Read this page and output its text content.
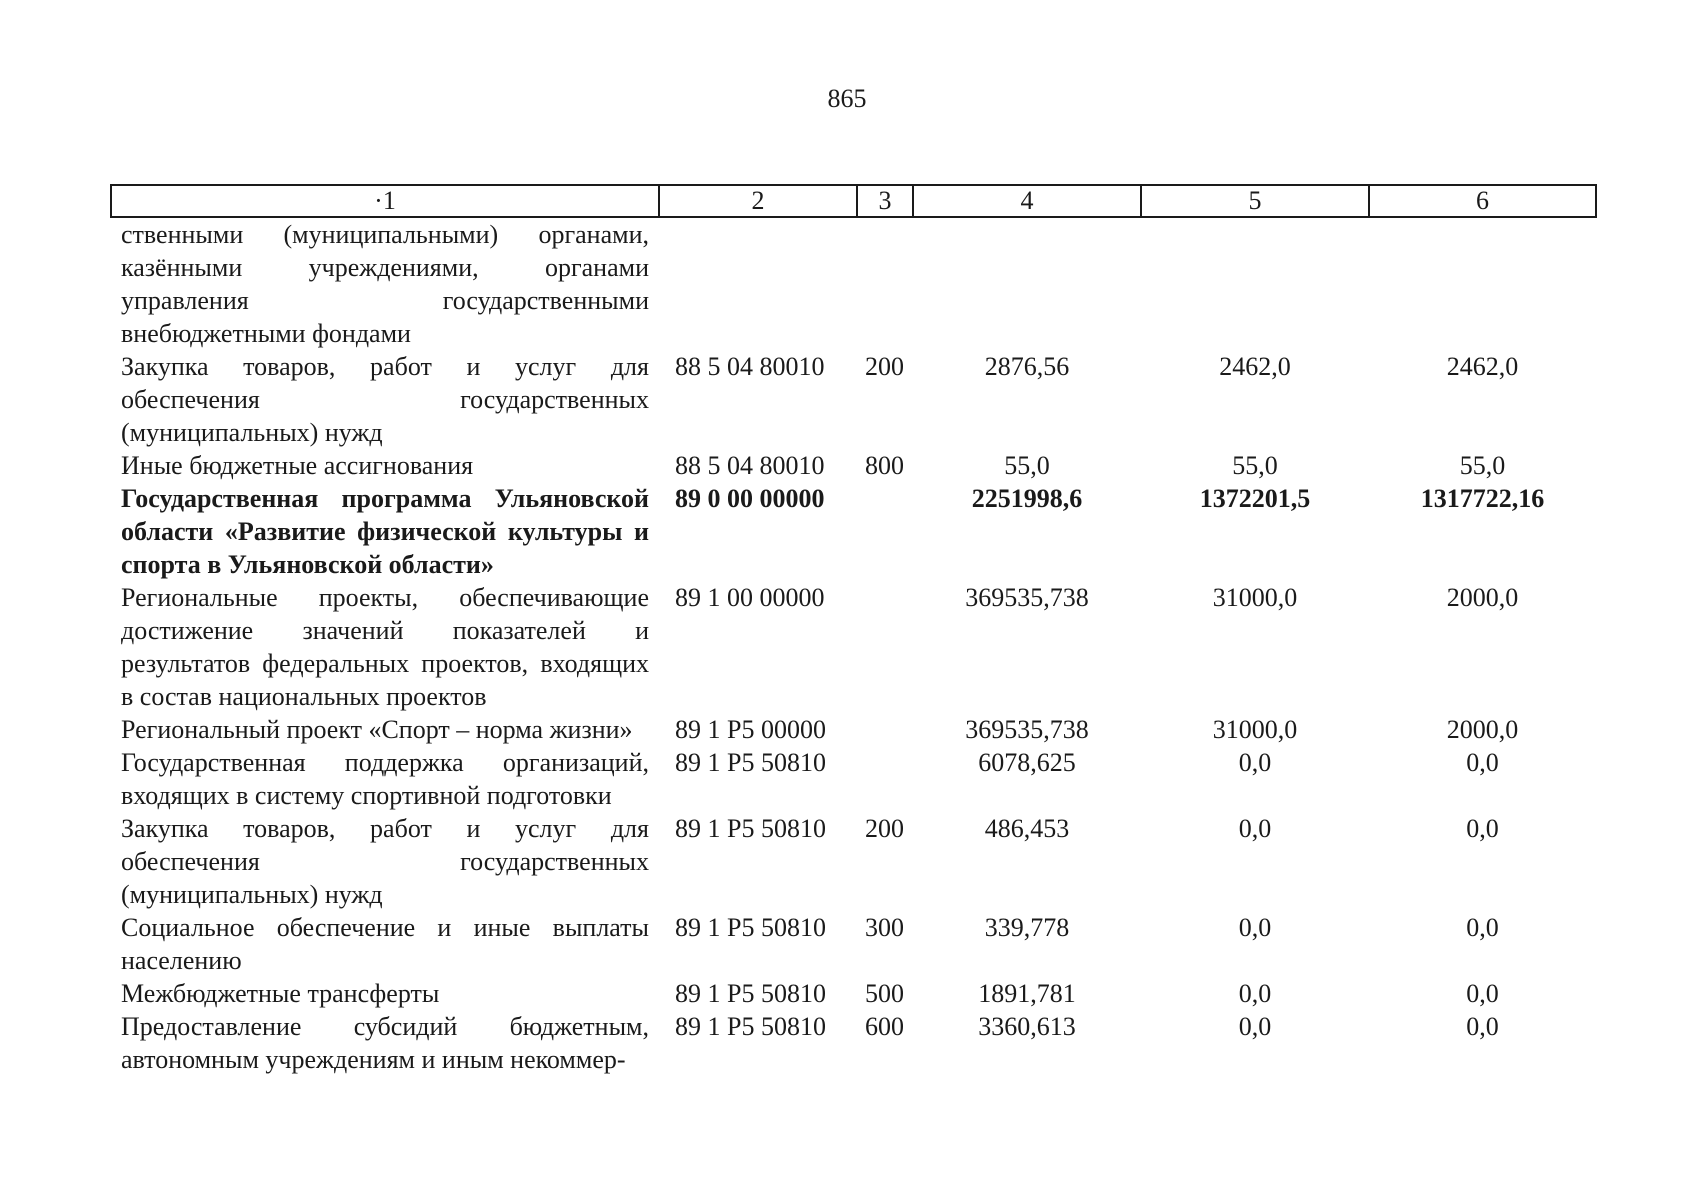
865
·1	2	3	4	5	6
ственными (муниципальными) органами, казёнными учреждениями, органами управления государственными внебюджетными фондами					
Закупка товаров, работ и услуг для обеспечения государственных (муниципальных) нужд	88 5 04 80010	200	2876,56	2462,0	2462,0
Иные бюджетные ассигнования	88 5 04 80010	800	55,0	55,0	55,0
Государственная программа Ульяновской области «Развитие физической культуры и спорта в Ульяновской области»	89 0 00 00000		2251998,6	1372201,5	1317722,16
Региональные проекты, обеспечивающие достижение значений показателей и результатов федеральных проектов, входящих в состав национальных проектов	89 1 00 00000		369535,738	31000,0	2000,0
Региональный проект «Спорт – норма жизни»	89 1 P5 00000		369535,738	31000,0	2000,0
Государственная поддержка организаций, входящих в систему спортивной подготовки	89 1 P5 50810		6078,625	0,0	0,0
Закупка товаров, работ и услуг для обеспечения государственных (муниципальных) нужд	89 1 P5 50810	200	486,453	0,0	0,0
Социальное обеспечение и иные выплаты населению	89 1 P5 50810	300	339,778	0,0	0,0
Межбюджетные трансферты	89 1 P5 50810	500	1891,781	0,0	0,0
Предоставление субсидий бюджетным, автономным учреждениям и иным некоммер-	89 1 P5 50810	600	3360,613	0,0	0,0
